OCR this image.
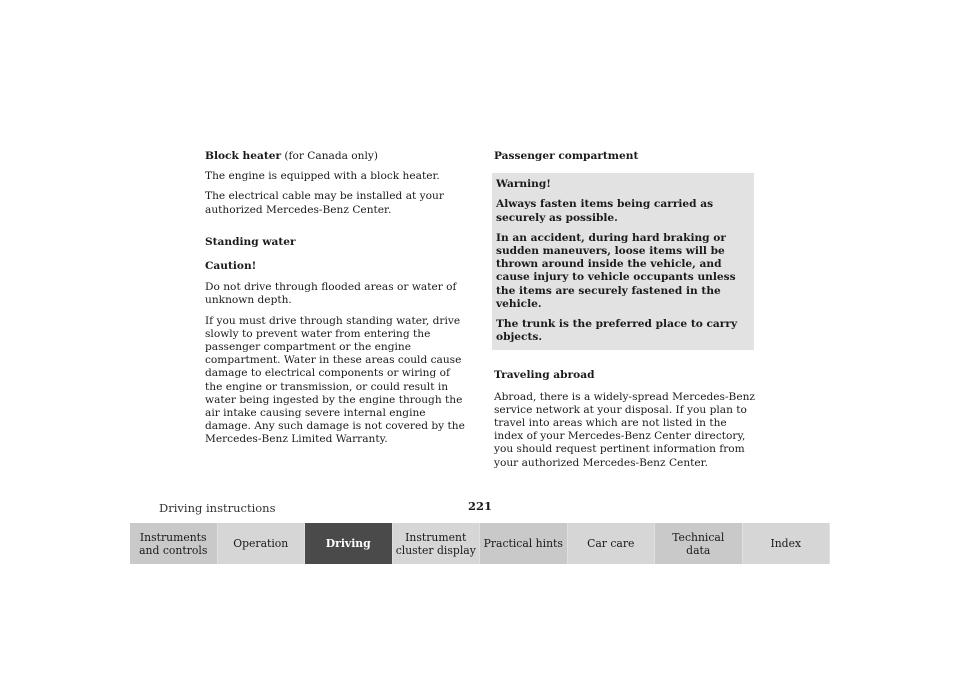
Block heater (for Canada only)

The engine is equipped with a block heater.

The electrical cable may be installed at your authorized Mercedes-Benz Center.

Standing water
Caution!

Do not drive through flooded areas or water of unknown depth.

If you must drive through standing water, drive slowly to prevent water from entering the passenger compartment or the engine compartment. Water in these areas could cause damage to electrical components or wiring of the engine or transmission, or could result in water being ingested by the engine through the air intake causing severe internal engine damage. Any such damage is not covered by the Mercedes-Benz Limited Warranty.

Passenger compartment

Warning!

Always fasten items being carried as securely as possible.

In an accident, during hard braking or sudden maneuvers, loose items will be thrown around inside the vehicle, and cause injury to vehicle occupants unless the items are securely fastened in the vehicle.

The trunk is the preferred place to carry objects.

Traveling abroad

Abroad, there is a widely-spread Mercedes-Benz service network at your disposal. If you plan to travel into areas which are not listed in the index of your Mercedes-Benz Center directory, you should request pertinent information from your authorized Mercedes-Benz Center.

Driving instructions	221
Instruments
and controls	Operation	Driving	Instrument
cluster display Practical hints	Car care	Technical
data	Index
